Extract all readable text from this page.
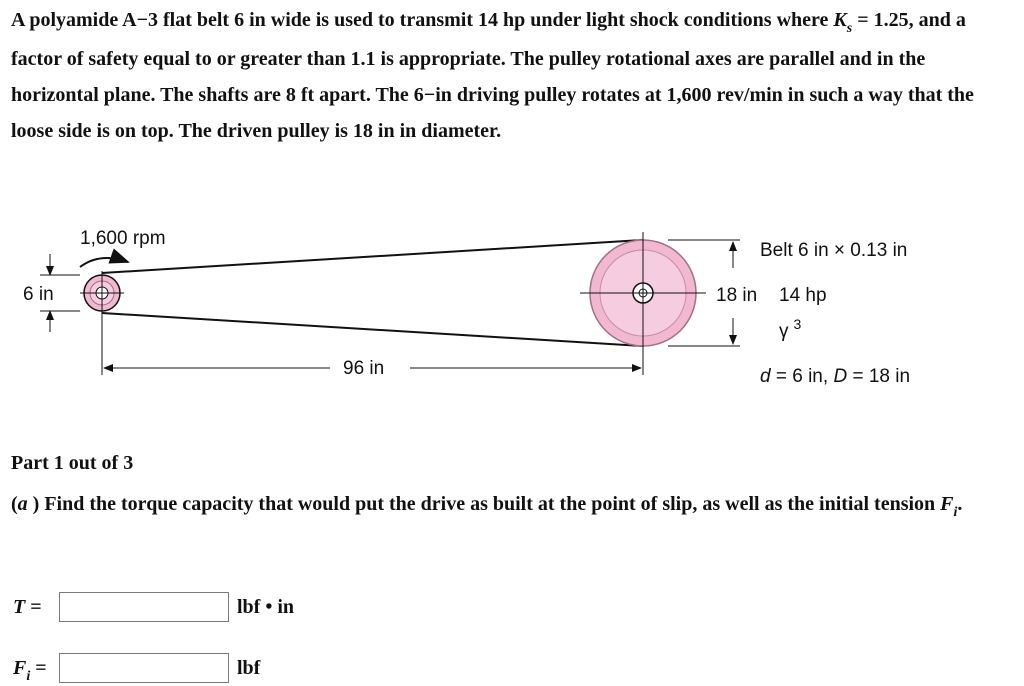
A polyamide A−3 flat belt 6 in wide is used to transmit 14 hp under light shock conditions where $K_s = 1.25$, and a factor of safety equal to or greater than 1.1 is appropriate. The pulley rotational axes are parallel and in the horizontal plane. The shafts are 8 ft apart. The 6−in driving pulley rotates at 1,600 rev/min in such a way that the loose side is on top. The driven pulley is 18 in in diameter.
1,600 rpm
6 in
96 in
18 in
Belt 6 in × 0.13 in
14 hp
γ $^3$
d = 6 in, D = 18 in
Part 1 out of 3
(a ) Find the torque capacity that would put the drive as built at the point of slip, as well as the initial tension $F_i$.
T =	lbf • in
$F_i$ =	lbf
